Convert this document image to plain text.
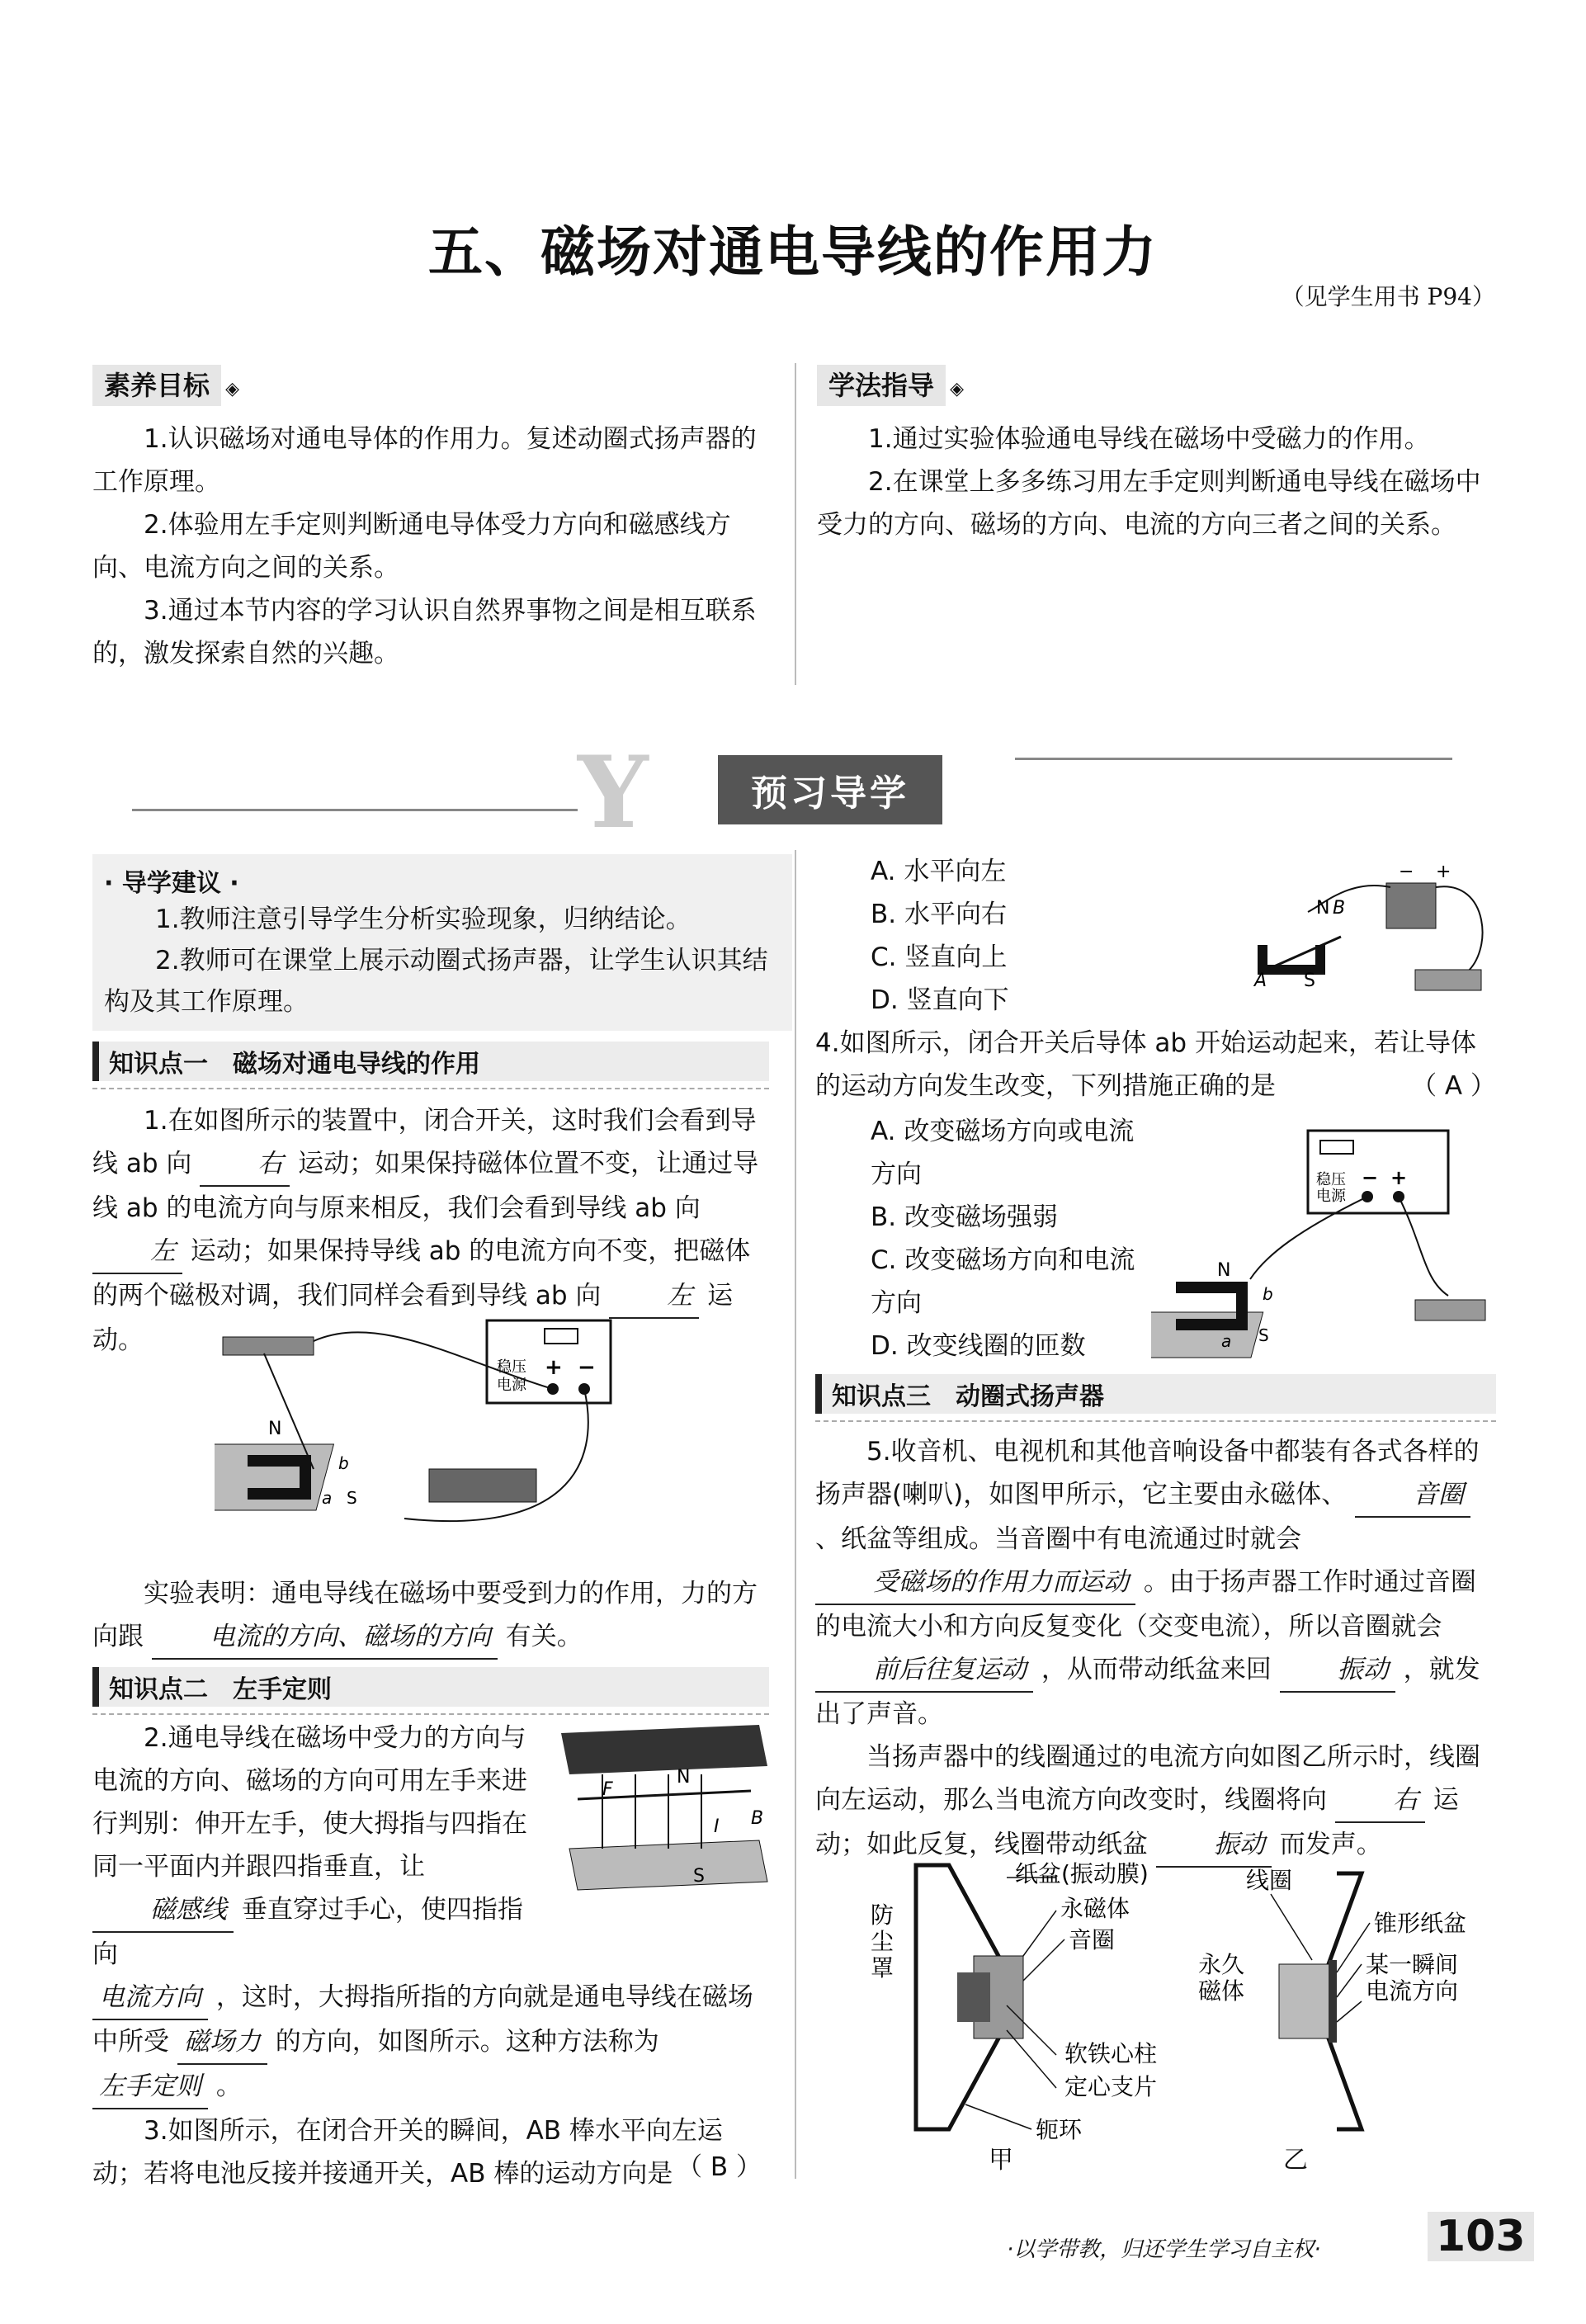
五、磁场对通电导线的作用力
（见学生用书 P94）
素养目标 ◈

1.认识磁场对通电导体的作用力。复述动圈式扬声器的工作原理。

2.体验用左手定则判断通电导体受力方向和磁感线方向、电流方向之间的关系。

3.通过本节内容的学习认识自然界事物之间是相互联系的，激发探索自然的兴趣。

学法指导 ◈

1.通过实验体验通电导线在磁场中受磁力的作用。

2.在课堂上多多练习用左手定则判断通电导线在磁场中受力的方向、磁场的方向、电流的方向三者之间的关系。

Y	预习导学
· 导学建议 ·

1.教师注意引导学生分析实验现象，归纳结论。

2.教师可在课堂上展示动圈式扬声器，让学生认识其结构及其工作原理。

知识点一　磁场对通电导线的作用

1.在如图所示的装置中，闭合开关，这时我们会看到导线 ab 向	右 运动；如果保持磁体位置不变，让通过导线 ab 的电流方向与原来相反，我们会看到导线 ab 向 左 运动；如果保持导线 ab 的电流方向不变，把磁体的两个磁极对调，我们同样会看到导线 ab 向	左 运动。

稳压
电源
+ −
N
b
a S

实验表明：通电导线在磁场中要受到力的作用，力的方向跟	电流的方向、磁场的方向 有关。

知识点二　左手定则
F
N
I B
S

2.通电导线在磁场中受力的方向与电流的方向、磁场的方向可用左手来进行判别：伸开左手，使大拇指与四指在同一平面内并跟四指垂直，让 磁感线 垂直穿过手心，使四指指向

电流方向 ，这时，大拇指所指的方向就是通电导线在磁场中所受 磁场力 的方向，如图所示。这种方法称为 左手定则 。

3.如图所示，在闭合开关的瞬间，AB 棒水平向左运动；若将电池反接并接通开关，AB 棒的运动方向是 （ B ）
A. 水平向左
B. 水平向右
C. 竖直向上
D. 竖直向下
− +
N B
A S

4.如图所示，闭合开关后导体 ab 开始运动起来，若让导体的运动方向发生改变，下列措施正确的是	（ A ）

A. 改变磁场方向或电流方向
B. 改变磁场强弱
C. 改变磁场方向和电流方向
D. 改变线圈的匝数
稳压
电源
− +
N
b
a S
知识点三　动圈式扬声器

5.收音机、电视机和其他音响设备中都装有各式各样的扬声器(喇叭)，如图甲所示，它主要由永磁体、	音圈 、纸盆等组成。当音圈中有电流通过时就会 受磁场的作用力而运动 。由于扬声器工作时通过音圈的电流大小和方向反复变化（交变电流），所以音圈就会 前后往复运动 ，从而带动纸盆来回	振动 ，就发出了声音。

当扬声器中的线圈通过的电流方向如图乙所示时，线圈向左运动，那么当电流方向改变时，线圈将向	右 运动；如此反复，线圈带动纸盆	振动 而发声。

纸盆(振动膜)
永磁体
音圈
防
尘
罩
软铁心柱
定心支片
轭环
线圈
锥形纸盆
永久
磁体
某一瞬间
电流方向
甲	乙
·以学带教，归还学生学习自主权·	103
